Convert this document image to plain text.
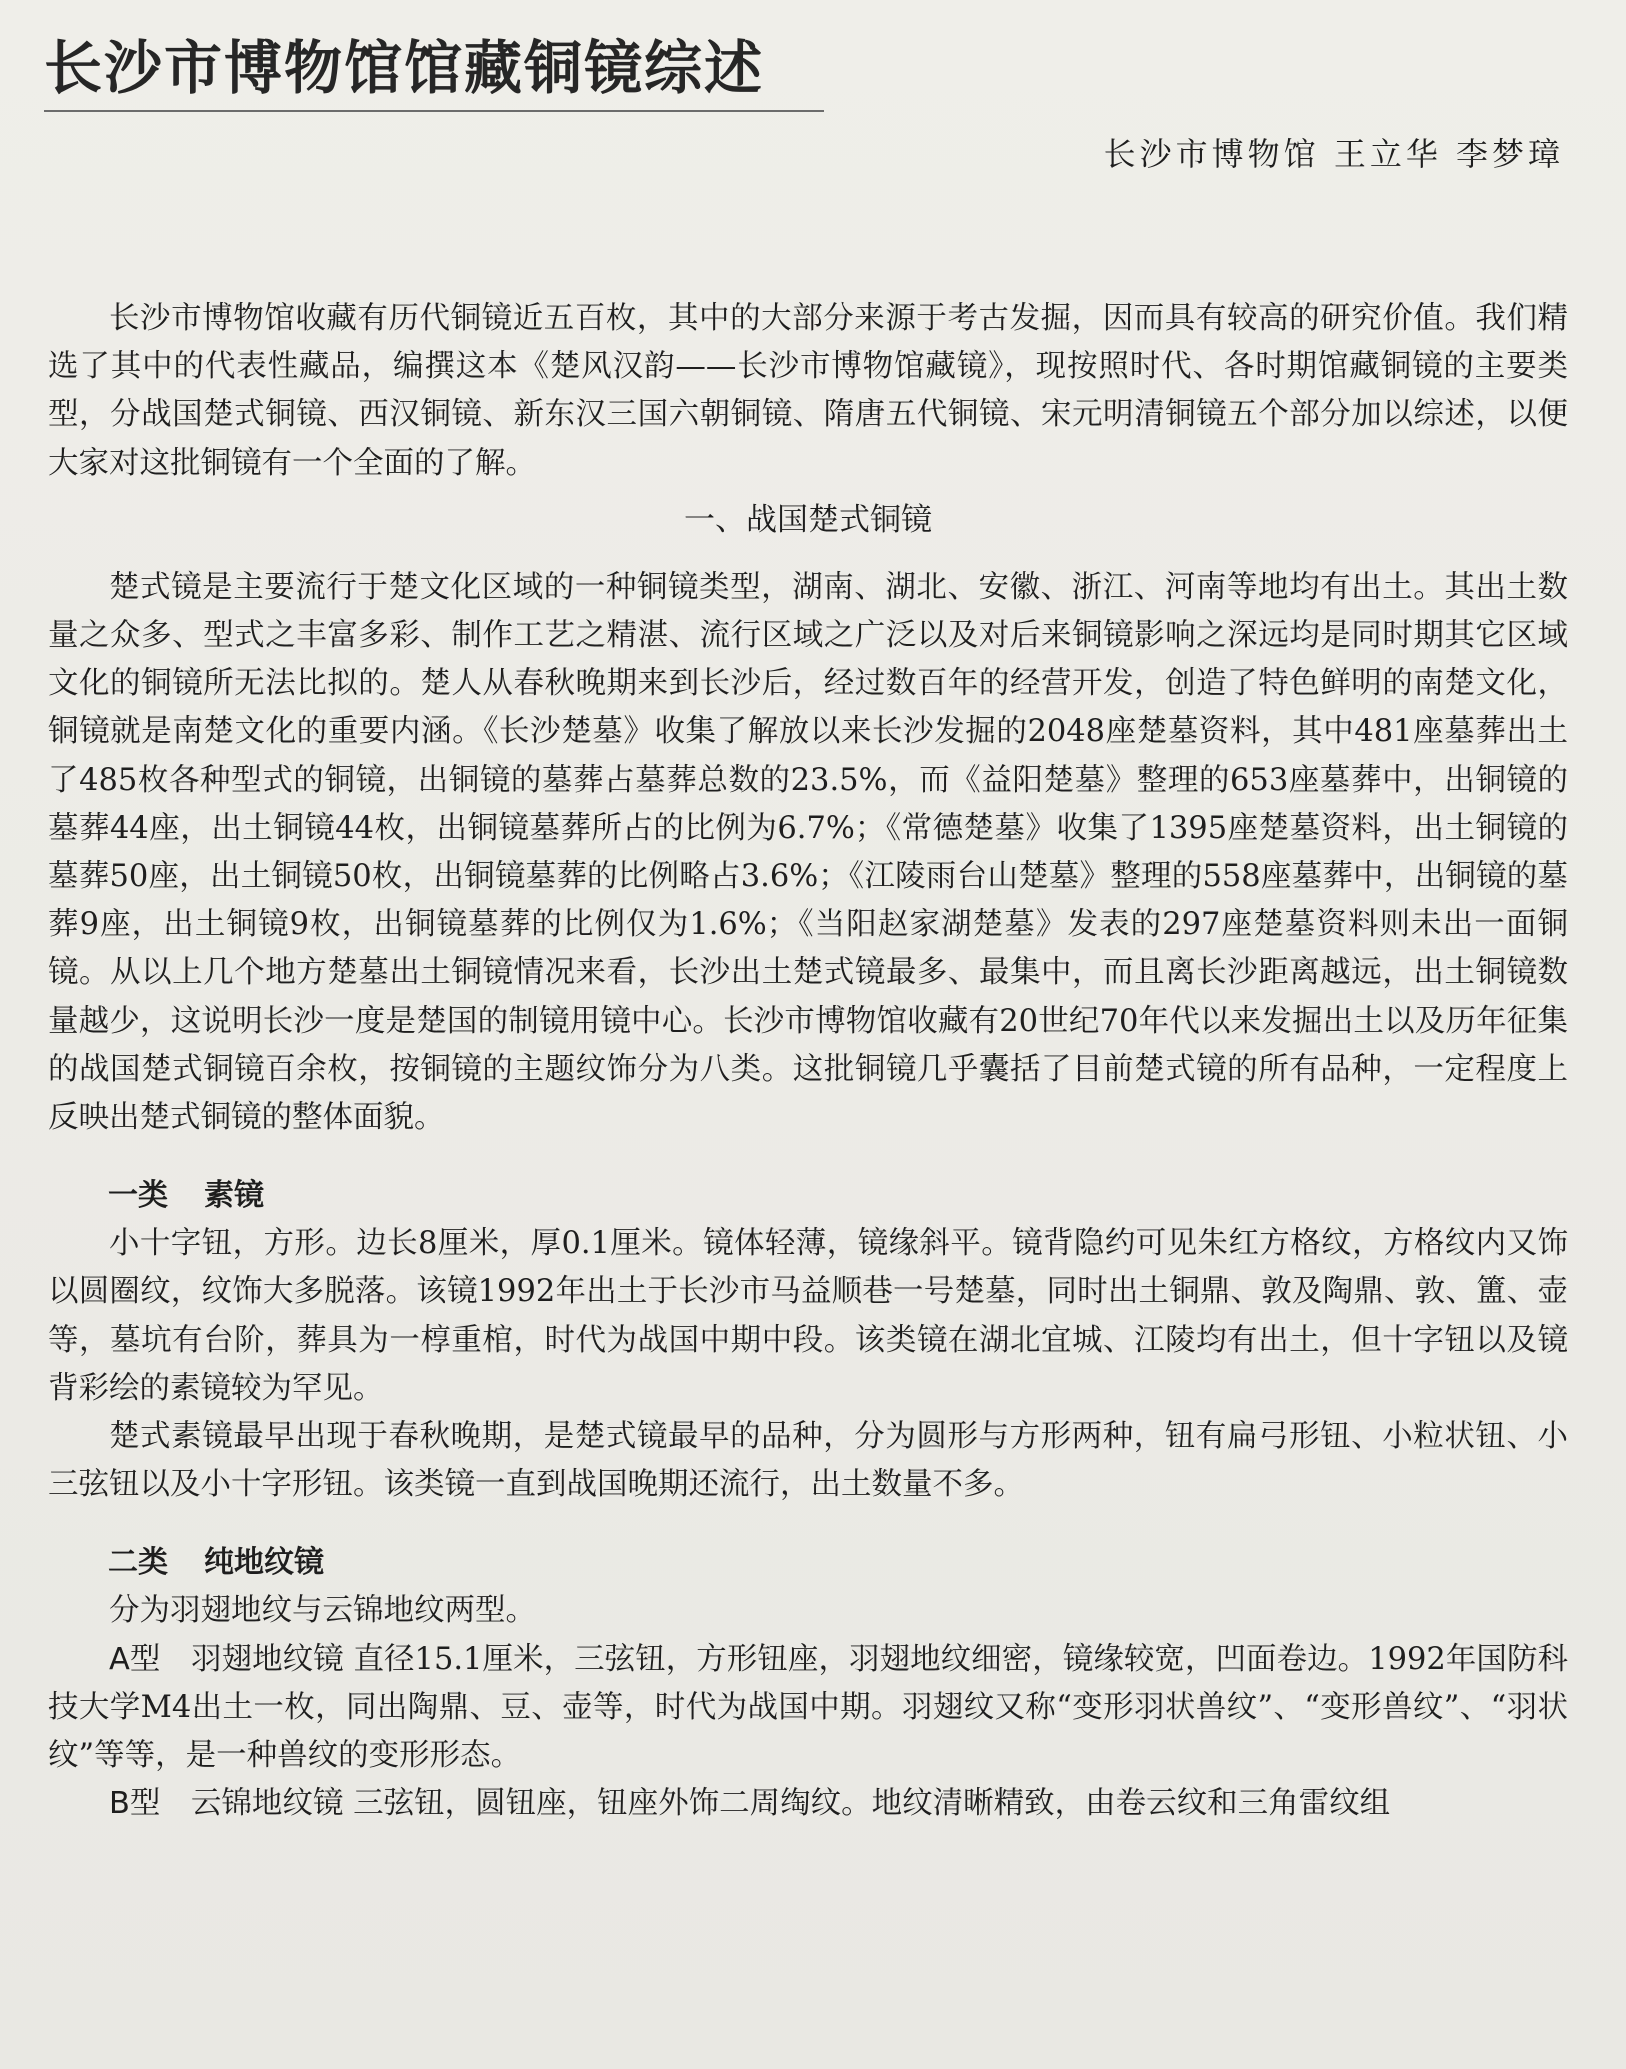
长沙市博物馆馆藏铜镜综述
长沙市博物馆 王立华 李梦璋

长沙市博物馆收藏有历代铜镜近五百枚，其中的大部分来源于考古发掘，因而具有较高的研究价值。我们精选了其中的代表性藏品，编撰这本《楚风汉韵——长沙市博物馆藏镜》，现按照时代、各时期馆藏铜镜的主要类型，分战国楚式铜镜、西汉铜镜、新东汉三国六朝铜镜、隋唐五代铜镜、宋元明清铜镜五个部分加以综述，以便大家对这批铜镜有一个全面的了解。

一、战国楚式铜镜

楚式镜是主要流行于楚文化区域的一种铜镜类型，湖南、湖北、安徽、浙江、河南等地均有出土。其出土数量之众多、型式之丰富多彩、制作工艺之精湛、流行区域之广泛以及对后来铜镜影响之深远均是同时期其它区域文化的铜镜所无法比拟的。楚人从春秋晚期来到长沙后，经过数百年的经营开发，创造了特色鲜明的南楚文化，铜镜就是南楚文化的重要内涵。《长沙楚墓》收集了解放以来长沙发掘的2048座楚墓资料，其中481座墓葬出土了485枚各种型式的铜镜，出铜镜的墓葬占墓葬总数的23.5%，而《益阳楚墓》整理的653座墓葬中，出铜镜的墓葬44座，出土铜镜44枚，出铜镜墓葬所占的比例为6.7%；《常德楚墓》收集了1395座楚墓资料，出土铜镜的墓葬50座，出土铜镜50枚，出铜镜墓葬的比例略占3.6%；《江陵雨台山楚墓》整理的558座墓葬中，出铜镜的墓葬9座，出土铜镜9枚，出铜镜墓葬的比例仅为1.6%；《当阳赵家湖楚墓》发表的297座楚墓资料则未出一面铜镜。从以上几个地方楚墓出土铜镜情况来看，长沙出土楚式镜最多、最集中，而且离长沙距离越远，出土铜镜数量越少，这说明长沙一度是楚国的制镜用镜中心。长沙市博物馆收藏有20世纪70年代以来发掘出土以及历年征集的战国楚式铜镜百余枚，按铜镜的主题纹饰分为八类。这批铜镜几乎囊括了目前楚式镜的所有品种，一定程度上反映出楚式铜镜的整体面貌。

一类 素镜

小十字钮，方形。边长8厘米，厚0.1厘米。镜体轻薄，镜缘斜平。镜背隐约可见朱红方格纹，方格纹内又饰以圆圈纹，纹饰大多脱落。该镜1992年出土于长沙市马益顺巷一号楚墓，同时出土铜鼎、敦及陶鼎、敦、簠、壶等，墓坑有台阶，葬具为一椁重棺，时代为战国中期中段。该类镜在湖北宜城、江陵均有出土，但十字钮以及镜背彩绘的素镜较为罕见。

楚式素镜最早出现于春秋晚期，是楚式镜最早的品种，分为圆形与方形两种，钮有扁弓形钮、小粒状钮、小三弦钮以及小十字形钮。该类镜一直到战国晚期还流行，出土数量不多。

二类 纯地纹镜

分为羽翅地纹与云锦地纹两型。

A型　羽翅地纹镜 直径15.1厘米，三弦钮，方形钮座，羽翅地纹细密，镜缘较宽，凹面卷边。1992年国防科技大学M4出土一枚，同出陶鼎、豆、壶等，时代为战国中期。羽翅纹又称“变形羽状兽纹”、“变形兽纹”、“羽状纹”等等，是一种兽纹的变形形态。

B型　云锦地纹镜 三弦钮，圆钮座，钮座外饰二周绹纹。地纹清晰精致，由卷云纹和三角雷纹组
